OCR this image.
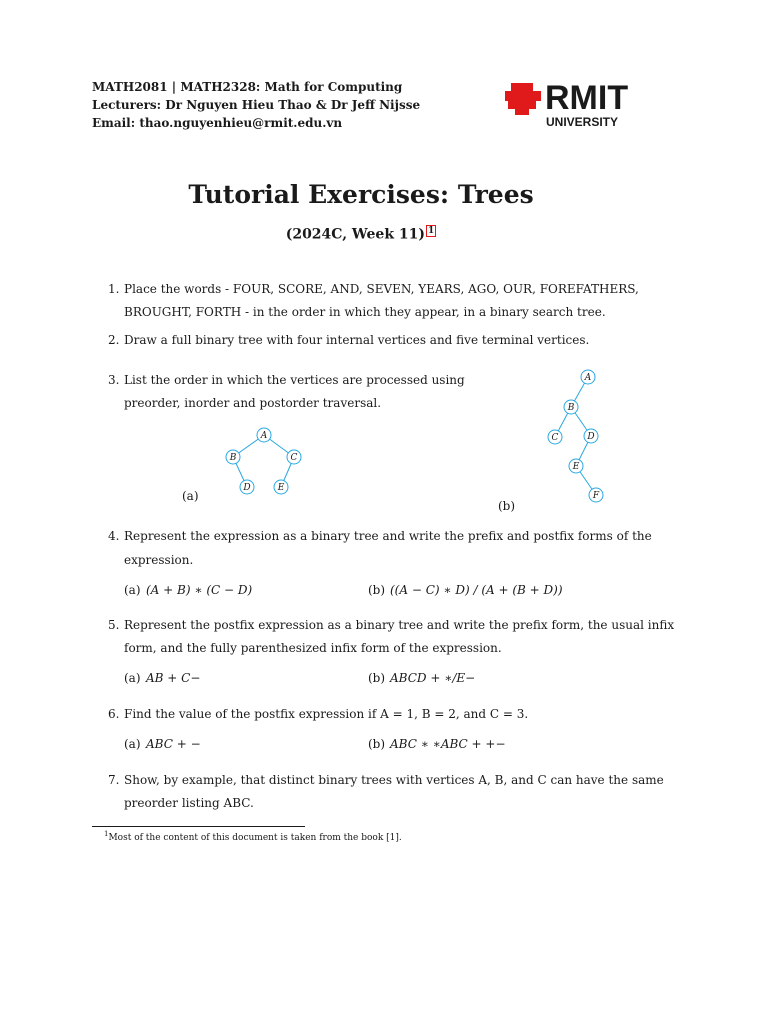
MATH2081 | MATH2328: Math for Computing
Lecturers: Dr Nguyen Hieu Thao & Dr Jeff Nijsse
Email: thao.nguyenhieu@rmit.edu.vn
RMIT
UNIVERSITY
Tutorial Exercises: Trees
(2024C, Week 11) 1
1. Place the words - FOUR, SCORE, AND, SEVEN, YEARS, AGO, OUR, FOREFATHERS,
BROUGHT, FORTH - in the order in which they appear, in a binary search tree.
2. Draw a full binary tree with four internal vertices and five terminal vertices.
3. List the order in which the vertices are processed using
preorder, inorder and postorder traversal.
(a)
(b)
A
B	C
D	E
A
B
C	D
E
F
4. Represent the expression as a binary tree and write the prefix and postfix forms of the
expression.
(a) (A + B) ∗ (C − D)	(b) ((A − C) ∗ D) / (A + (B + D))
5. Represent the postfix expression as a binary tree and write the prefix form, the usual infix
form, and the fully parenthesized infix form of the expression.
(a) AB + C−	(b) ABCD + ∗/E−
6. Find the value of the postfix expression if A = 1, B = 2, and C = 3.
(a) ABC + −	(b) ABC ∗ ∗ABC + +−
7. Show, by example, that distinct binary trees with vertices A, B, and C can have the same
preorder listing ABC.
$^1$Most of the content of this document is taken from the book [1].
